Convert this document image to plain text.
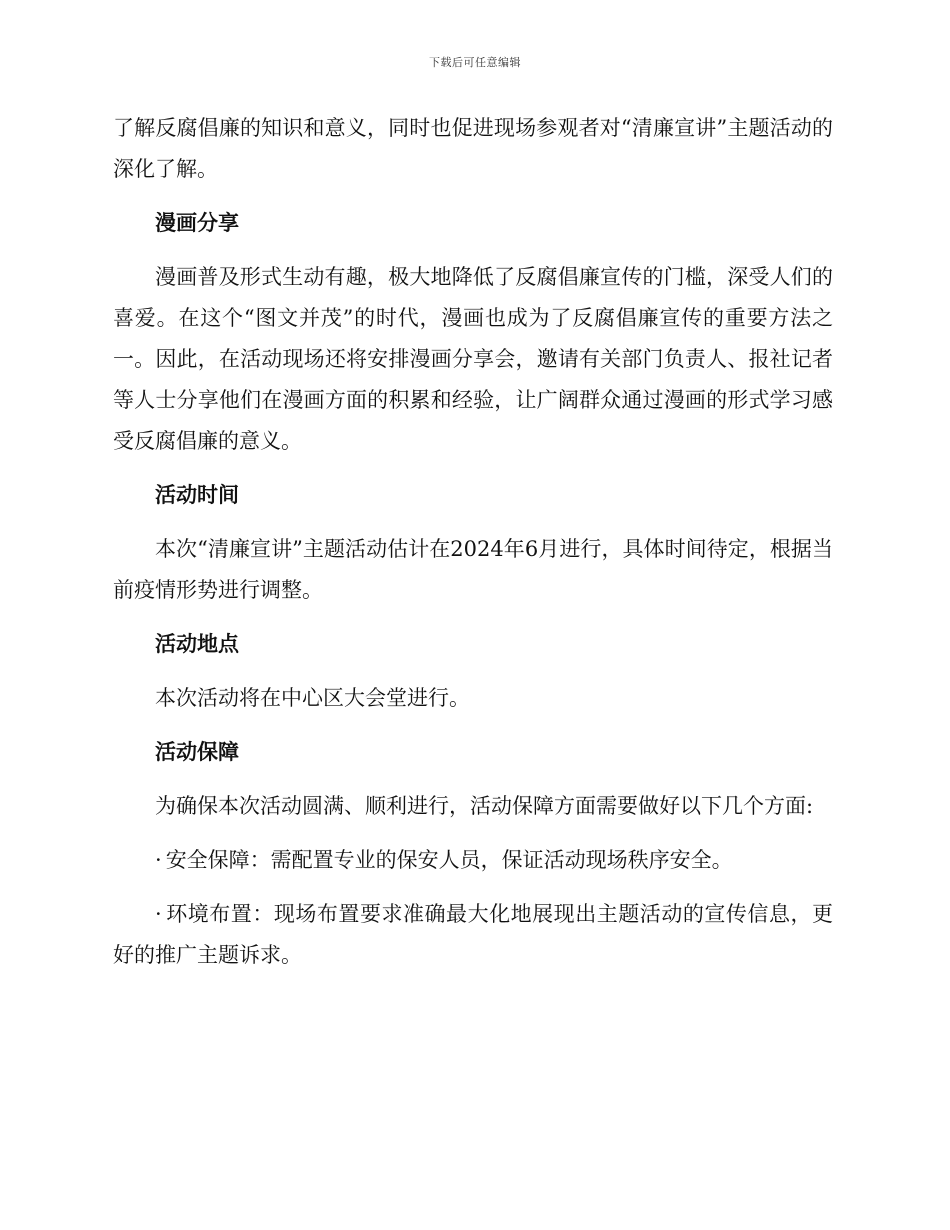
下载后可任意编辑

了解反腐倡廉的知识和意义，同时也促进现场参观者对“清廉宣讲”主题活动的深化了解。

漫画分享

漫画普及形式生动有趣，极大地降低了反腐倡廉宣传的门槛，深受人们的喜爱。在这个“图文并茂”的时代，漫画也成为了反腐倡廉宣传的重要方法之一。因此，在活动现场还将安排漫画分享会，邀请有关部门负责人、报社记者等人士分享他们在漫画方面的积累和经验，让广阔群众通过漫画的形式学习感受反腐倡廉的意义。

活动时间

本次“清廉宣讲”主题活动估计在2024年6月进行，具体时间待定，根据当前疫情形势进行调整。

活动地点

本次活动将在中心区大会堂进行。

活动保障

为确保本次活动圆满、顺利进行，活动保障方面需要做好以下几个方面:

· 安全保障：需配置专业的保安人员，保证活动现场秩序安全。

· 环境布置：现场布置要求准确最大化地展现出主题活动的宣传信息，更好的推广主题诉求。
